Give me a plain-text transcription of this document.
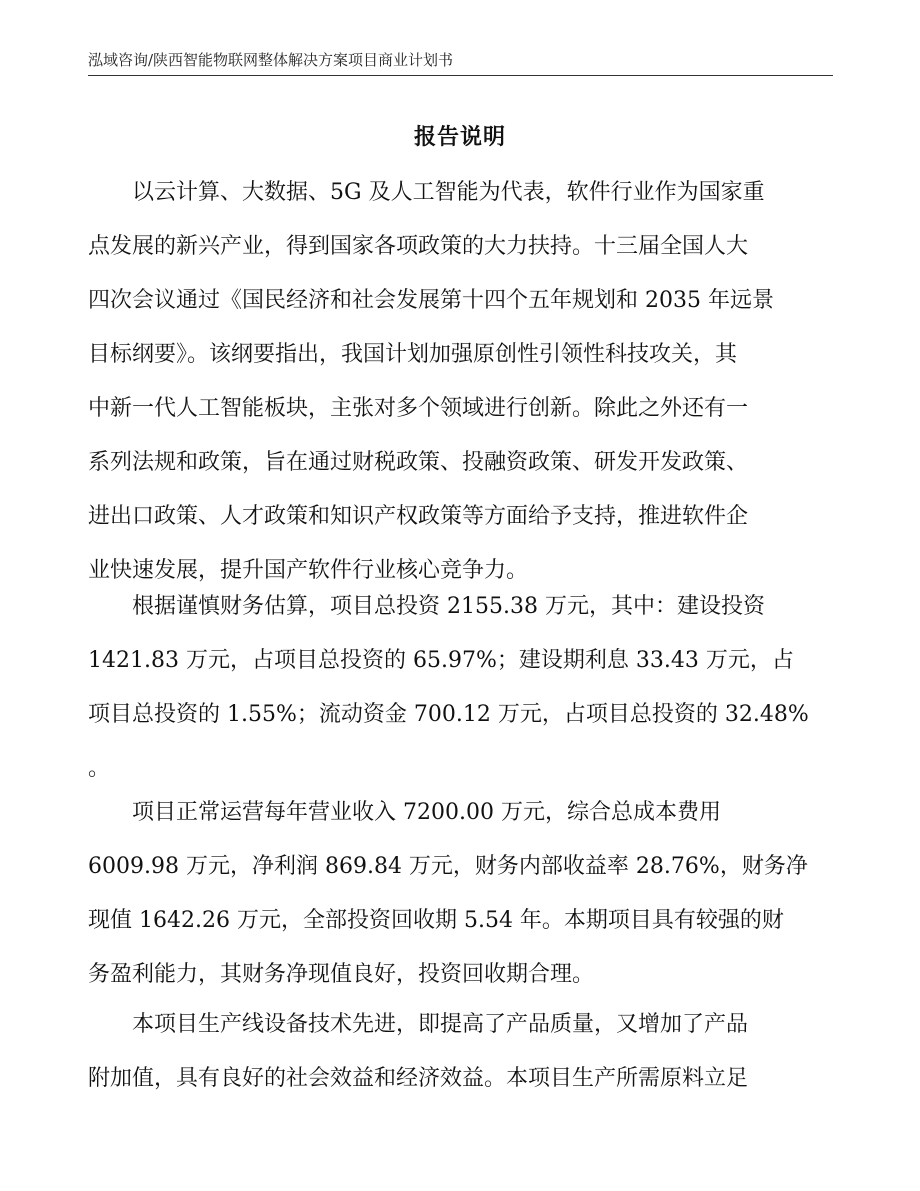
泓域咨询/陕西智能物联网整体解决方案项目商业计划书
报告说明
以云计算、大数据、5G 及人工智能为代表，软件行业作为国家重
点发展的新兴产业，得到国家各项政策的大力扶持。十三届全国人大
四次会议通过《国民经济和社会发展第十四个五年规划和 2035 年远景
目标纲要》。该纲要指出，我国计划加强原创性引领性科技攻关，其
中新一代人工智能板块，主张对多个领域进行创新。除此之外还有一
系列法规和政策，旨在通过财税政策、投融资政策、研发开发政策、
进出口政策、人才政策和知识产权政策等方面给予支持，推进软件企
业快速发展，提升国产软件行业核心竞争力。
根据谨慎财务估算，项目总投资 2155.38 万元，其中：建设投资
1421.83 万元，占项目总投资的 65.97%；建设期利息 33.43 万元，占
项目总投资的 1.55%；流动资金 700.12 万元，占项目总投资的 32.48%
。
项目正常运营每年营业收入 7200.00 万元，综合总成本费用
6009.98 万元，净利润 869.84 万元，财务内部收益率 28.76%，财务净
现值 1642.26 万元，全部投资回收期 5.54 年。本期项目具有较强的财
务盈利能力，其财务净现值良好，投资回收期合理。
本项目生产线设备技术先进，即提高了产品质量，又增加了产品
附加值，具有良好的社会效益和经济效益。本项目生产所需原料立足
